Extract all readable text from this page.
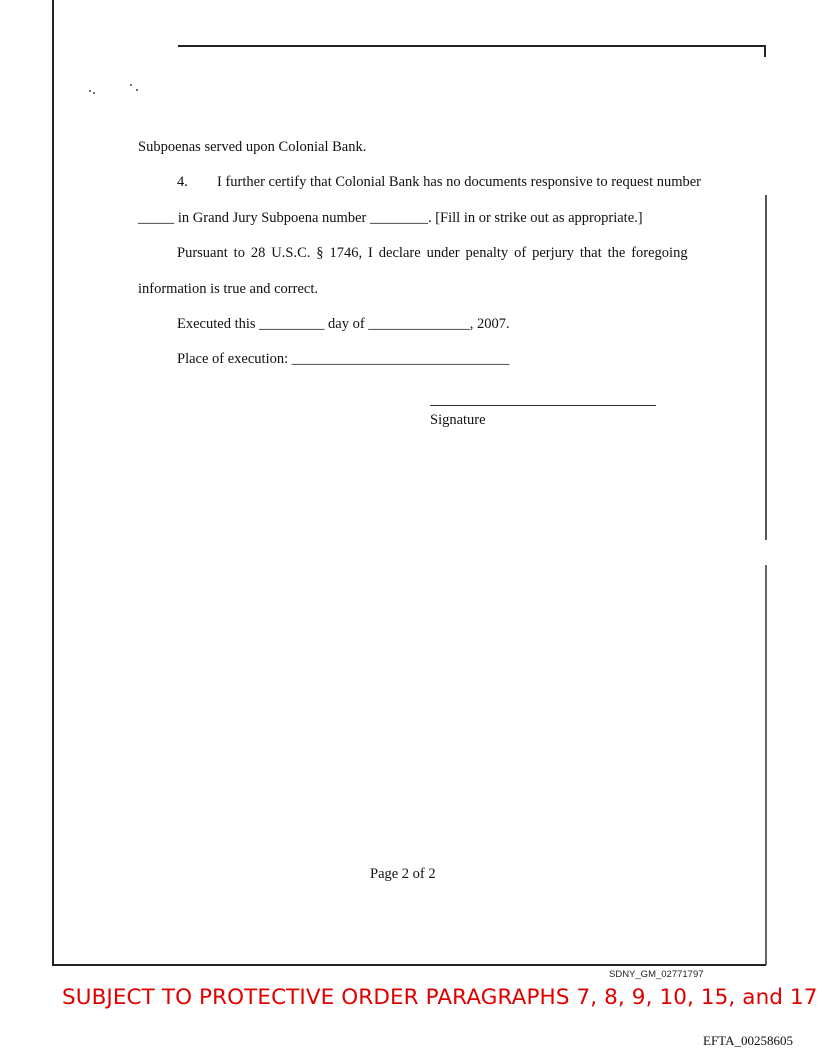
Subpoenas served upon Colonial Bank.
4. I further certify that Colonial Bank has no documents responsive to request number
_____ in Grand Jury Subpoena number ________. [Fill in or strike out as appropriate.]
Pursuant to 28 U.S.C. § 1746, I declare under penalty of perjury that the foregoing
information is true and correct.
Executed this _________ day of ______________, 2007.
Place of execution: ______________________________
Signature
Page 2 of 2
SDNY_GM_02771797
SUBJECT TO PROTECTIVE ORDER PARAGRAPHS 7, 8, 9, 10, 15, and 17
EFTA_00258605
